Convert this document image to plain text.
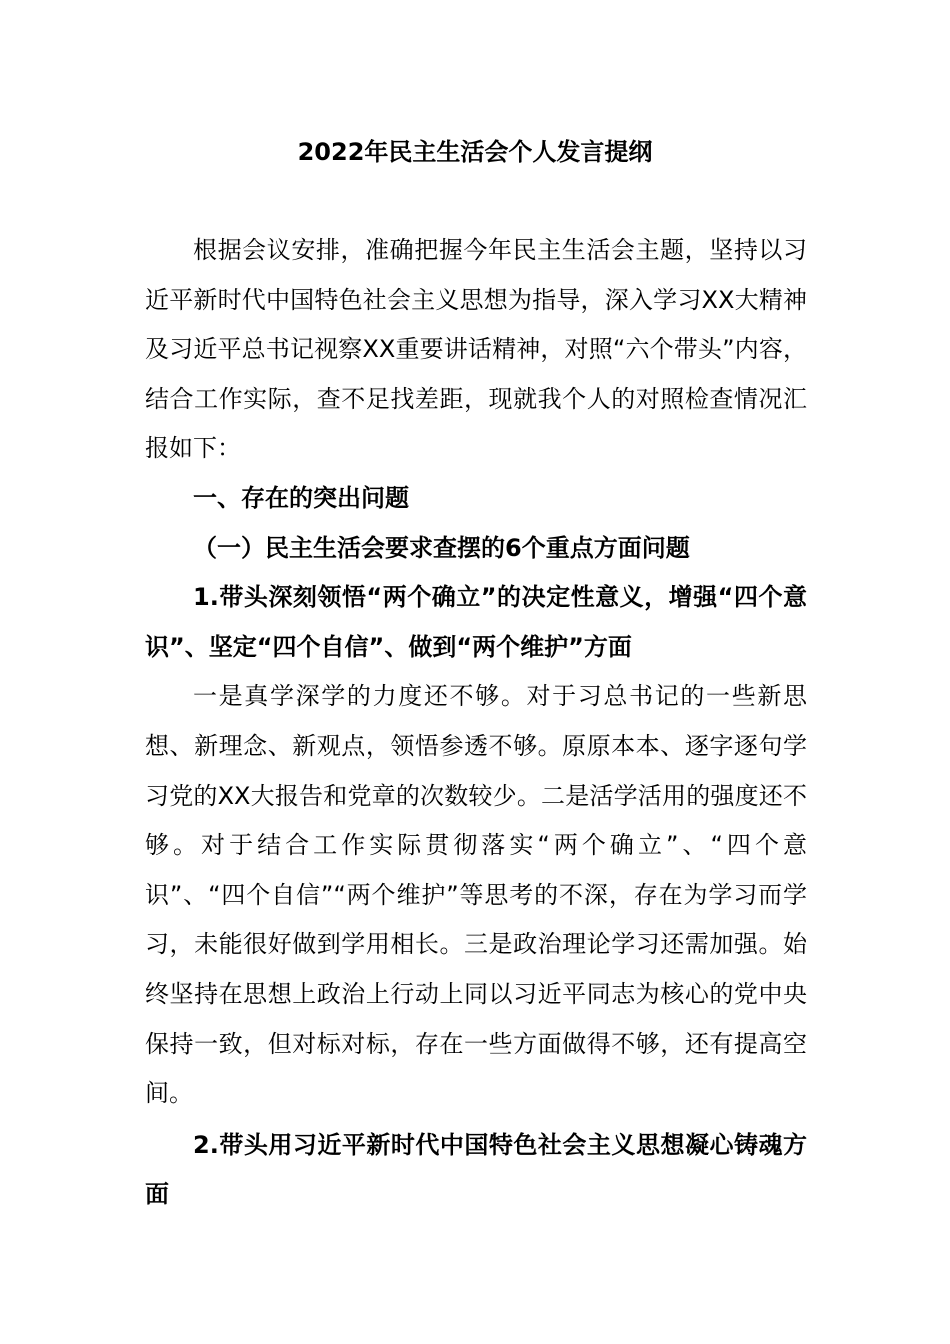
2022年民主生活会个人发言提纲

根据会议安排，准确把握今年民主生活会主题，坚持以习近平新时代中国特色社会主义思想为指导，深入学习XX大精神及习近平总书记视察XX重要讲话精神，对照“六个带头”内容，结合工作实际，查不足找差距，现就我个人的对照检查情况汇报如下：

一、存在的突出问题

（一）民主生活会要求查摆的6个重点方面问题

1.带头深刻领悟“两个确立”的决定性意义，增强“四个意识”、坚定“四个自信”、做到“两个维护”方面

一是真学深学的力度还不够。对于习总书记的一些新思想、新理念、新观点，领悟参透不够。原原本本、逐字逐句学习党的XX大报告和党章的次数较少。二是活学活用的强度还不够。对于结合工作实际贯彻落实“两个确立”、“四个意识”、“四个自信”“两个维护”等思考的不深，存在为学习而学习，未能很好做到学用相长。三是政治理论学习还需加强。始终坚持在思想上政治上行动上同以习近平同志为核心的党中央保持一致，但对标对标，存在一些方面做得不够，还有提高空间。

2.带头用习近平新时代中国特色社会主义思想凝心铸魂方面
